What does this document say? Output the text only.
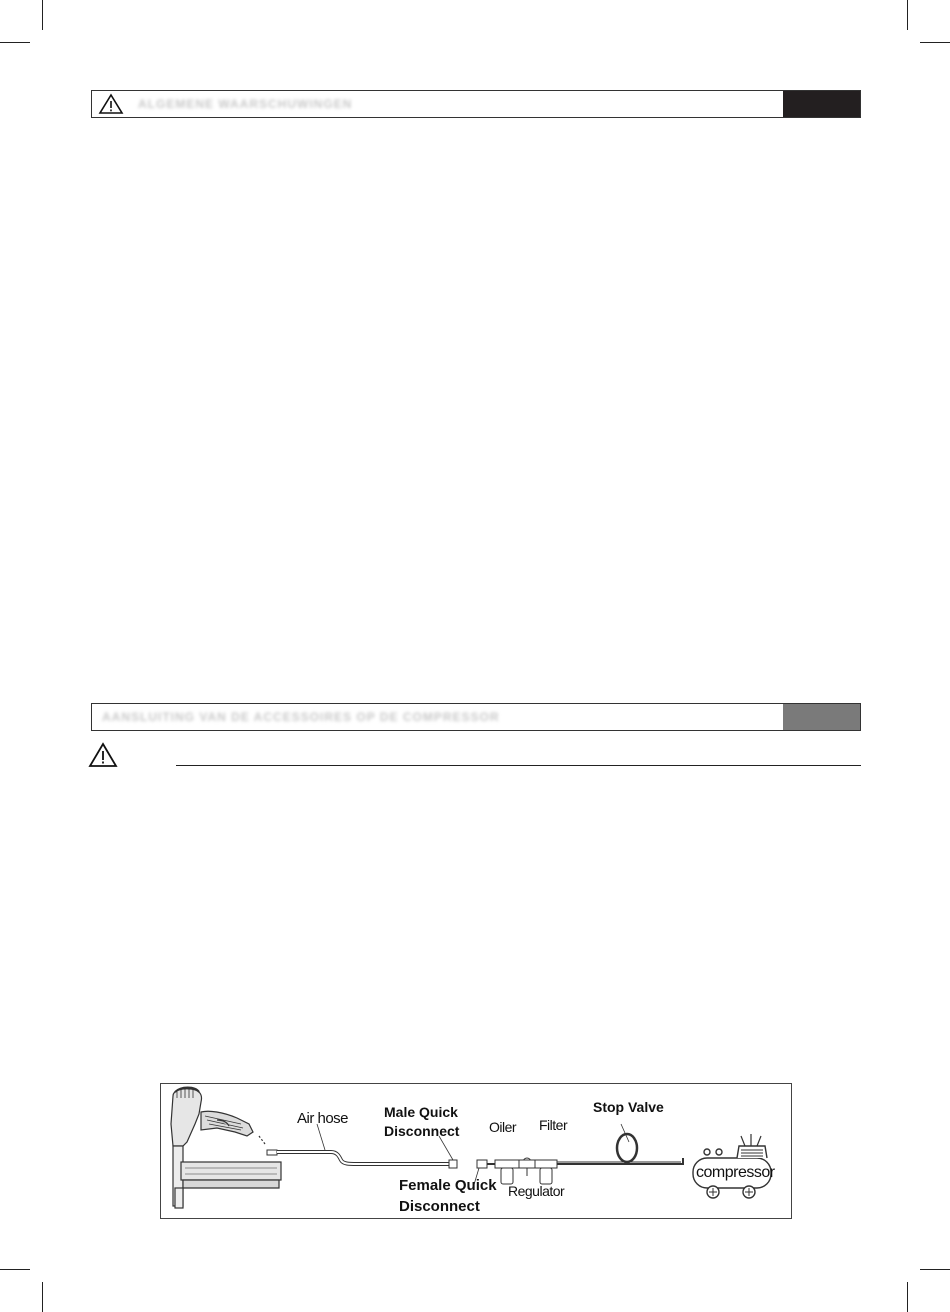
ALGEMENE WAARSCHUWINGEN
AANSLUITING VAN DE ACCESSOIRES OP DE COMPRESSOR
Air hose	Male Quick
Disconnect Oiler Filter
Stop Valve
Female Quick
Disconnect
Regulator
compressor
